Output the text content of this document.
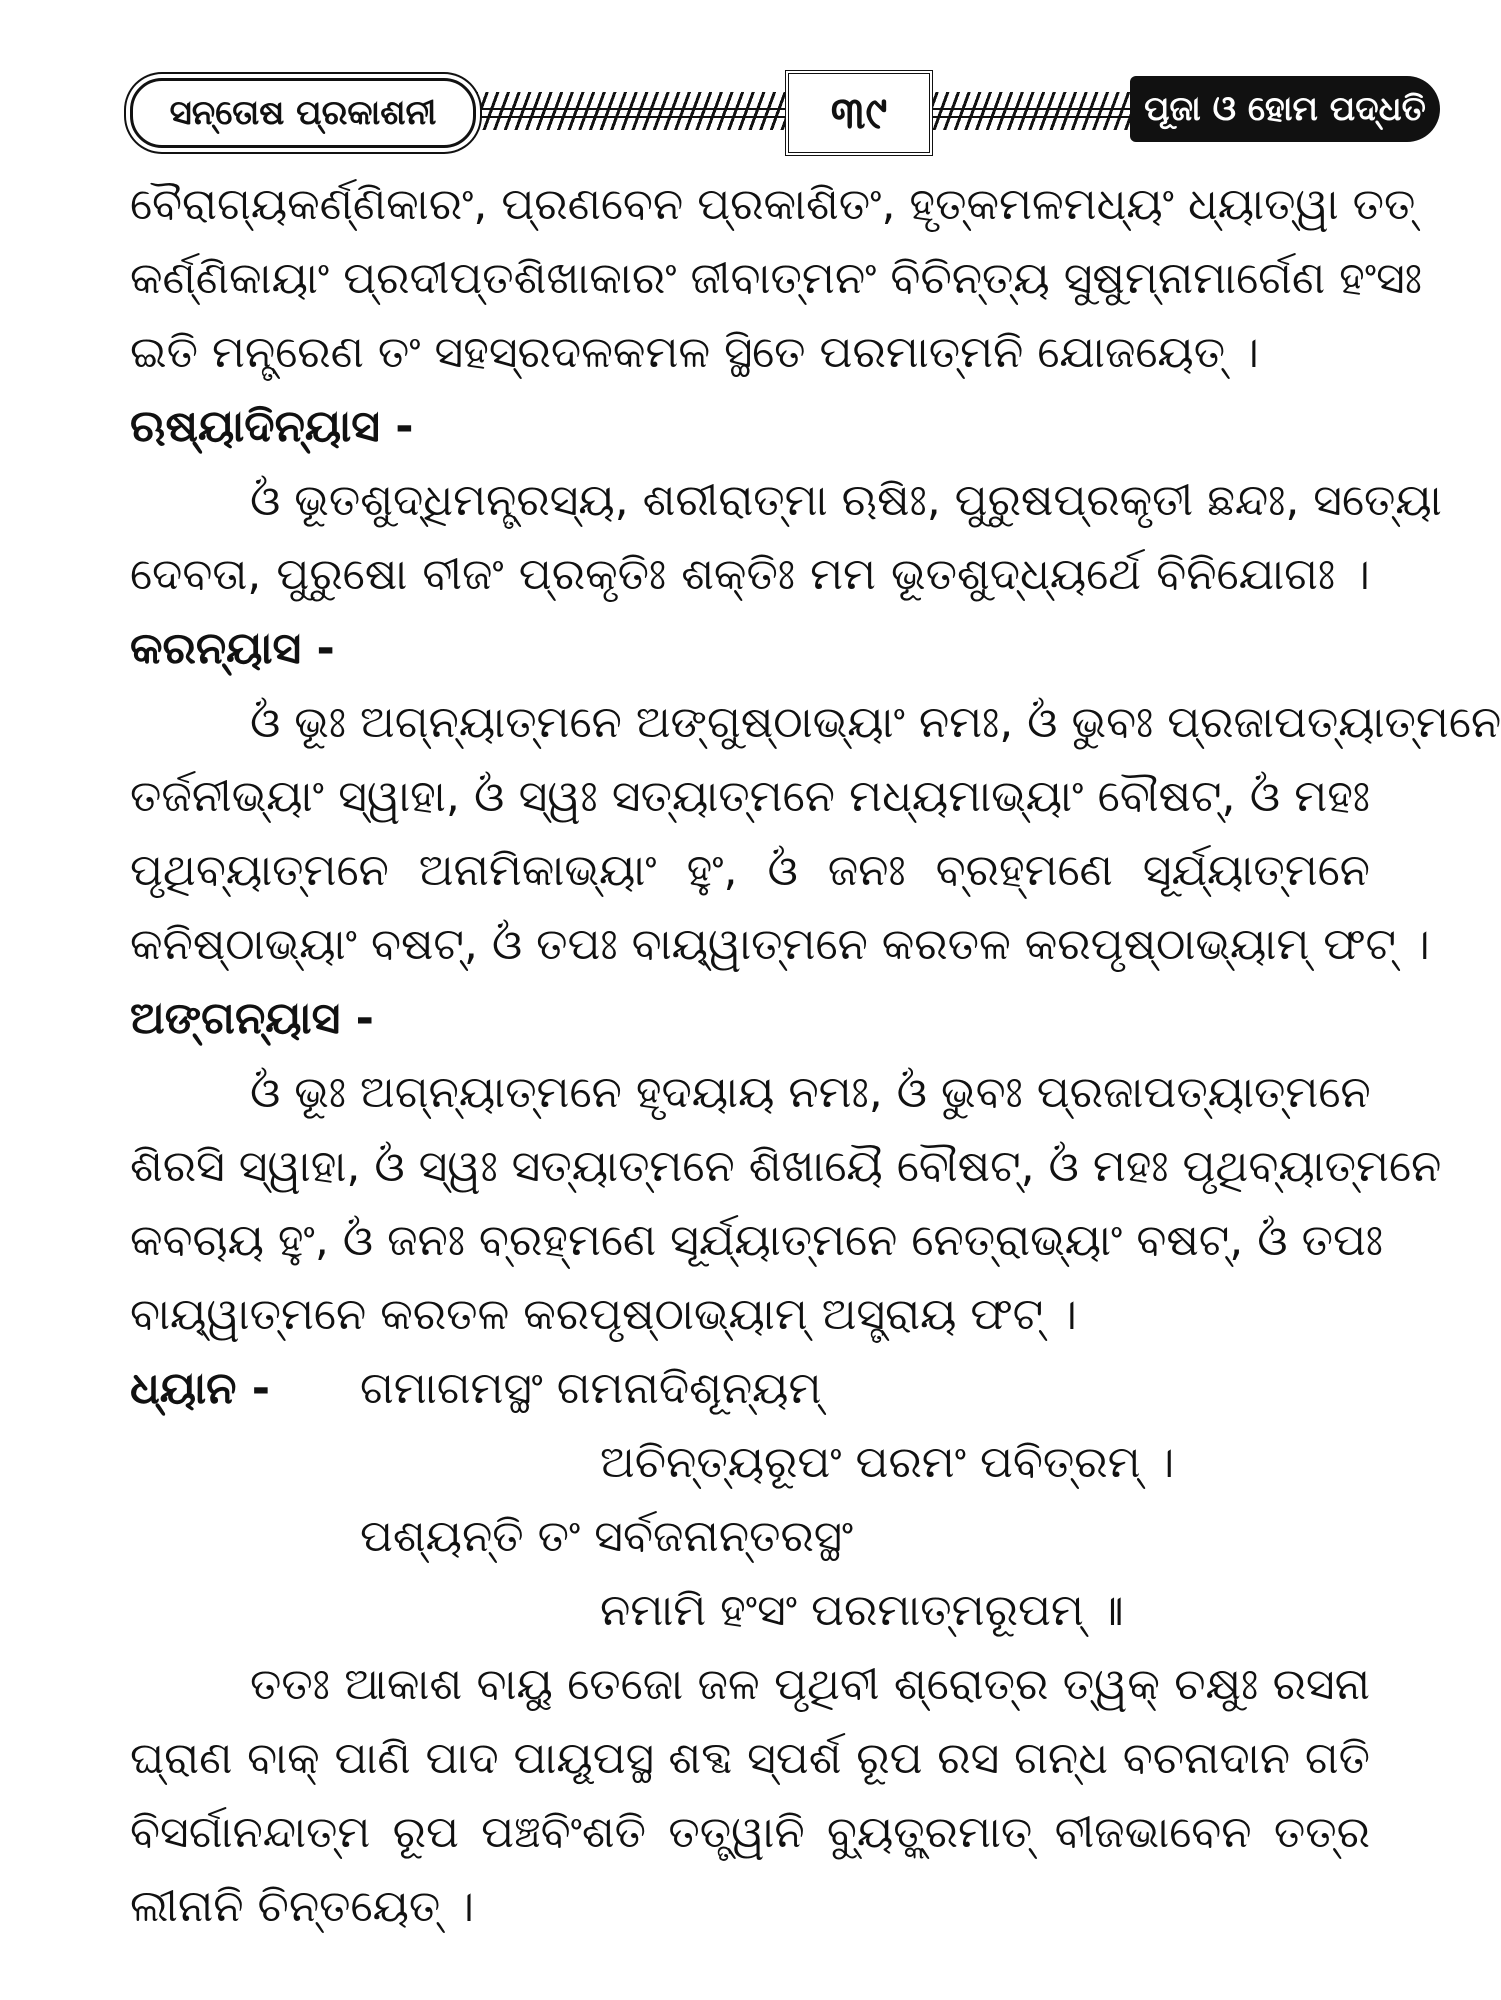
ସନ୍ତୋଷ ପ୍ରକାଶନୀ	୩୯	ପୂଜା ଓ ହୋମ ପଦ୍ଧତି
ବୈରାଗ୍ୟକର୍ଣ୍ଣିକାରଂ, ପ୍ରଣବେନ ପ୍ରକାଶିତଂ, ହୃତ୍କମଳମଧ୍ୟଂ ଧ୍ୟାତ୍ୱା ତତ୍
କର୍ଣ୍ଣିକାୟାଂ ପ୍ରଦୀପ୍ତଶିଖାକାରଂ ଜୀବାତ୍ମନଂ ବିଚିନ୍ତ୍ୟ ସୁଷୁମ୍ନାମାର୍ଗେଣ ହଂସଃ
ଇତି ମନ୍ତ୍ରେଣ ତଂ ସହସ୍ରଦଳକମଳ ସ୍ଥିତେ ପରମାତ୍ମନି ଯୋଜୟେତ୍ ।
ଋଷ୍ୟାଦିନ୍ୟାସ -
ଓଁ ଭୂତଶୁଦ୍ଧିମନ୍ତ୍ରସ୍ୟ, ଶରୀରାତ୍ମା ଋଷିଃ, ପୁରୁଷପ୍ରକୃତୀ ଛନ୍ଦଃ, ସତ୍ୟୋ
ଦେବତା, ପୁରୁଷୋ ବୀଜଂ ପ୍ରକୃତିଃ ଶକ୍ତିଃ ମମ ଭୂତଶୁଦ୍ଧ୍ୟର୍ଥେ ବିନିଯୋଗଃ ।
କରନ୍ୟାସ -
ଓଁ ଭୂଃ ଅଗ୍ନ୍ୟାତ୍ମନେ ଅଙ୍ଗୁଷ୍ଠାଭ୍ୟାଂ ନମଃ, ଓଁ ଭୁବଃ ପ୍ରଜାପତ୍ୟାତ୍ମନେ
ତର୍ଜନୀଭ୍ୟାଂ ସ୍ୱାହା, ଓଁ ସ୍ୱଃ ସତ୍ୟାତ୍ମନେ ମଧ୍ୟମାଭ୍ୟାଂ ବୌଷଟ୍, ଓଁ ମହଃ
ପୃଥିବ୍ୟାତ୍ମନେ ଅନାମିକାଭ୍ୟାଂ ହୁଂ, ଓଁ ଜନଃ ବ୍ରହ୍ମଣେ ସୂର୍ଯ୍ୟାତ୍ମନେ
କନିଷ୍ଠାଭ୍ୟାଂ ବଷଟ୍, ଓଁ ତପଃ ବାୟ୍ୱାତ୍ମନେ କରତଳ କରପୃଷ୍ଠାଭ୍ୟାମ୍ ଫଟ୍ ।
ଅଙ୍ଗନ୍ୟାସ -
ଓଁ ଭୂଃ ଅଗ୍ନ୍ୟାତ୍ମନେ ହୃଦୟାୟ ନମଃ, ଓଁ ଭୁବଃ ପ୍ରଜାପତ୍ୟାତ୍ମନେ
ଶିରସି ସ୍ୱାହା, ଓଁ ସ୍ୱଃ ସତ୍ୟାତ୍ମନେ ଶିଖାୟୈ ବୌଷଟ୍, ଓଁ ମହଃ ପୃଥିବ୍ୟାତ୍ମନେ
କବଚାୟ ହୁଂ, ଓଁ ଜନଃ ବ୍ରହ୍ମଣେ ସୂର୍ଯ୍ୟାତ୍ମନେ ନେତ୍ରାଭ୍ୟାଂ ବଷଟ୍, ଓଁ ତପଃ
ବାୟ୍ୱାତ୍ମନେ କରତଳ କରପୃଷ୍ଠାଭ୍ୟାମ୍ ଅସ୍ତ୍ରାୟ ଫଟ୍ ।
ଧ୍ୟାନ -	ଗମାଗମସ୍ଥଂ ଗମନାଦିଶୂନ୍ୟମ୍
ଅଚିନ୍ତ୍ୟରୂପଂ ପରମଂ ପବିତ୍ରମ୍ ।
ପଶ୍ୟନ୍ତି ତଂ ସର୍ବଜନାନ୍ତରସ୍ଥଂ
ନମାମି ହଂସଂ ପରମାତ୍ମରୂପମ୍ ॥
ତତଃ ଆକାଶ ବାୟୁ ତେଜୋ ଜଳ ପୃଥିବୀ ଶ୍ରୋତ୍ର ତ୍ୱକ୍ ଚକ୍ଷୁଃ ରସନା
ଘ୍ରାଣ ବାକ୍ ପାଣି ପାଦ ପାୟୂପସ୍ଥ ଶବ୍ଦ ସ୍ପର୍ଶ ରୂପ ରସ ଗନ୍ଧ ବଚନାଦାନ ଗତି
ବିସର୍ଗାନନ୍ଦାତ୍ମ ରୂପ ପଞ୍ଚବିଂଶତି ତତ୍ତ୍ୱାନି ବ୍ୟୁତ୍କ୍ରମାତ୍ ବୀଜଭାବେନ ତତ୍ର
ଲୀନାନି ଚିନ୍ତୟେତ୍ ।
